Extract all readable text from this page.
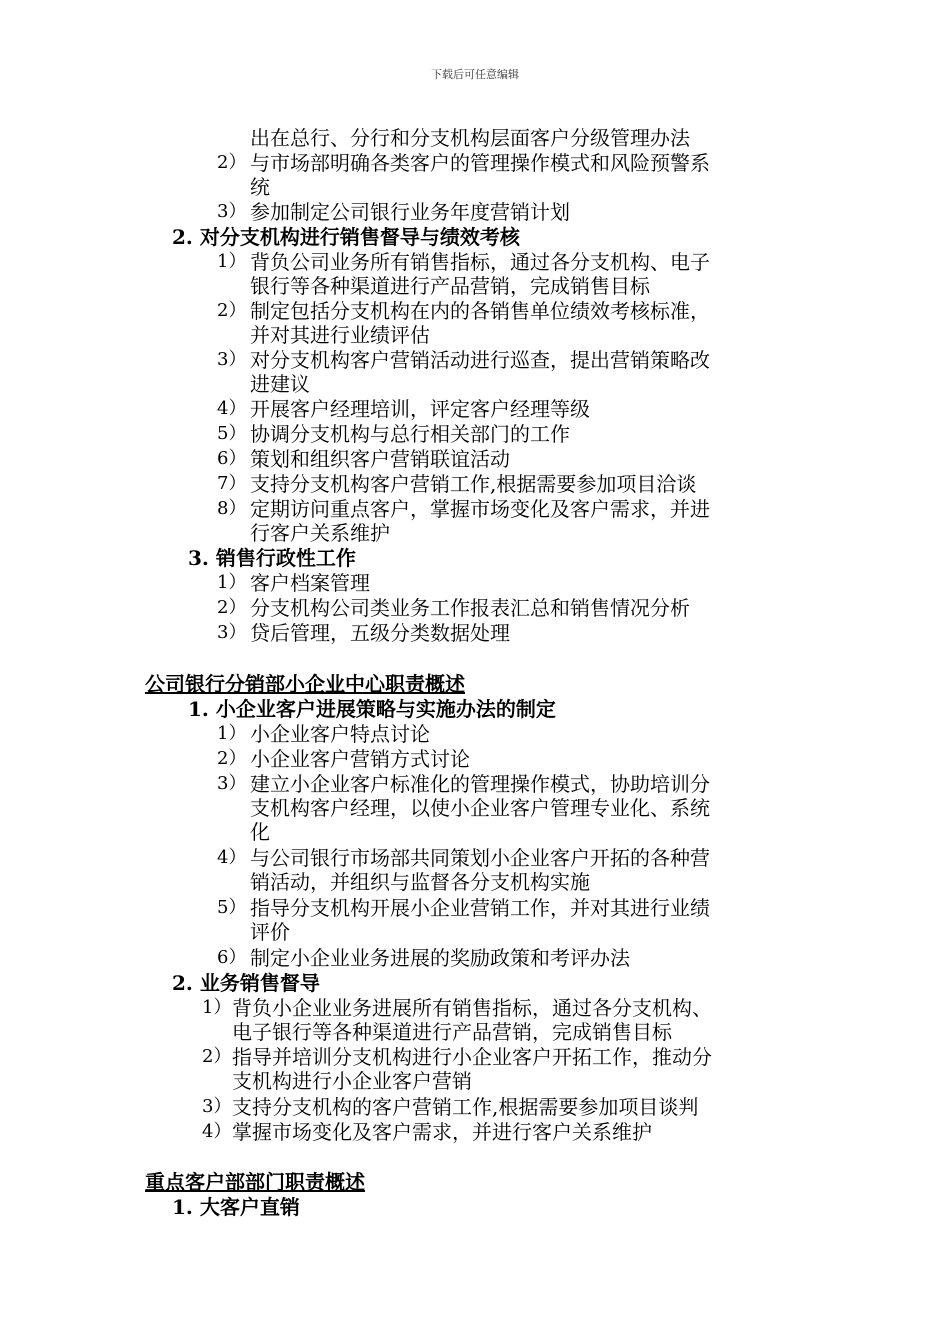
下载后可任意编辑
出在总行、分行和分支机构层面客户分级管理办法
2） 与市场部明确各类客户的管理操作模式和风险预警系
统
3） 参加制定公司银行业务年度营销计划
2. 对分支机构进行销售督导与绩效考核
1） 背负公司业务所有销售指标，通过各分支机构、电子
银行等各种渠道进行产品营销，完成销售目标
2） 制定包括分支机构在内的各销售单位绩效考核标准，
并对其进行业绩评估
3） 对分支机构客户营销活动进行巡查，提出营销策略改
进建议
4） 开展客户经理培训，评定客户经理等级
5） 协调分支机构与总行相关部门的工作
6） 策划和组织客户营销联谊活动
7） 支持分支机构客户营销工作,根据需要参加项目洽谈
8） 定期访问重点客户，掌握市场变化及客户需求，并进
行客户关系维护
3. 销售行政性工作
1） 客户档案管理
2） 分支机构公司类业务工作报表汇总和销售情况分析
3） 贷后管理，五级分类数据处理
公司银行分销部小企业中心职责概述
1. 小企业客户进展策略与实施办法的制定
1） 小企业客户特点讨论
2） 小企业客户营销方式讨论
3） 建立小企业客户标准化的管理操作模式，协助培训分
支机构客户经理，以使小企业客户管理专业化、系统
化
4） 与公司银行市场部共同策划小企业客户开拓的各种营
销活动，并组织与监督各分支机构实施
5） 指导分支机构开展小企业营销工作，并对其进行业绩
评价
6） 制定小企业业务进展的奖励政策和考评办法
2. 业务销售督导
1） 背负小企业业务进展所有销售指标，通过各分支机构、
电子银行等各种渠道进行产品营销，完成销售目标
2） 指导并培训分支机构进行小企业客户开拓工作，推动分
支机构进行小企业客户营销
3） 支持分支机构的客户营销工作,根据需要参加项目谈判
4） 掌握市场变化及客户需求，并进行客户关系维护
重点客户部部门职责概述
1. 大客户直销
